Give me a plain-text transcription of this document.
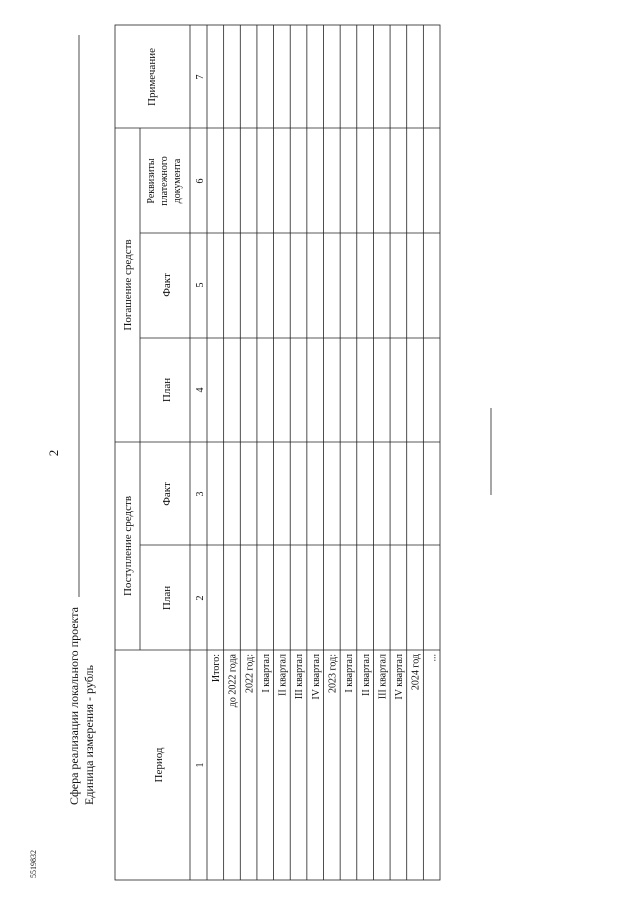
2
Сфера реализации локального проекта Единица измерения - рубль	Период
Поступление средств
Погашение средств
План
Факт
План
Факт
Реквизиты платежного документа
Примечание
1
2
3
4
5
6
7
Итого: до 2022 года 2022 год: I квартал II квартал III квартал IV квартал 2023 год: I квартал II квартал III квартал IV квартал 2024 год ...
5519832
